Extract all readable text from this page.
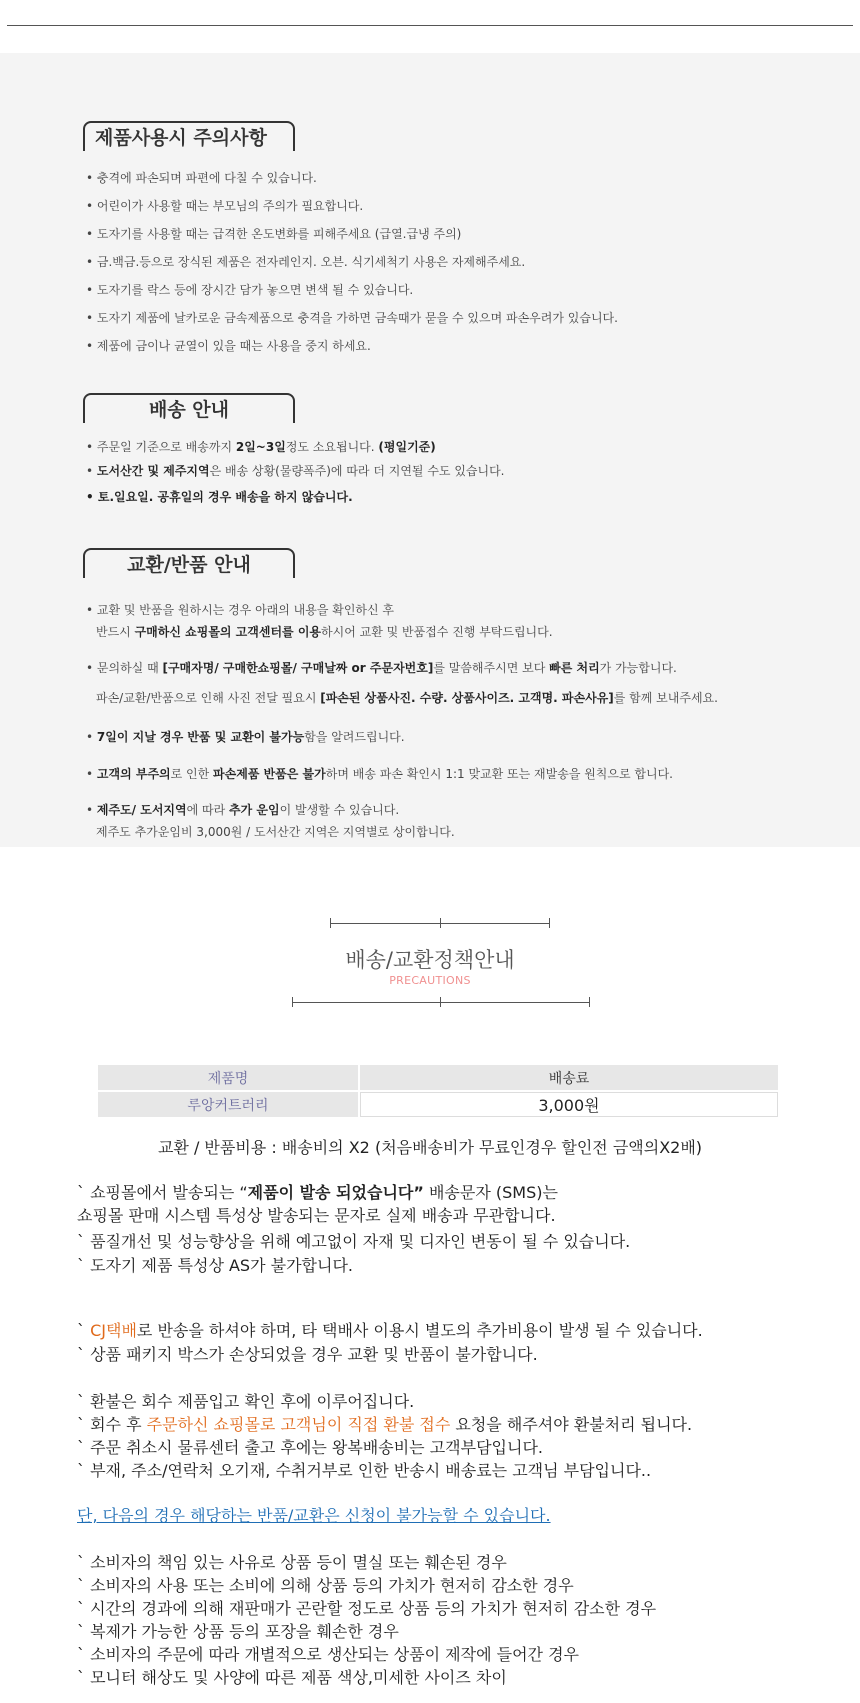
제품사용시 주의사항
• 충격에 파손되며 파편에 다칠 수 있습니다.
• 어린이가 사용할 때는 부모님의 주의가 필요합니다.
• 도자기를 사용할 때는 급격한 온도변화를 피해주세요 (급열.급냉 주의)
• 금.백금.등으로 장식된 제품은 전자레인지. 오븐. 식기세척기 사용은 자제해주세요.
• 도자기를 락스 등에 장시간 담가 놓으면 변색 될 수 있습니다.
• 도자기 제품에 날카로운 금속제품으로 충격을 가하면 금속때가 묻을 수 있으며 파손우려가 있습니다.
• 제품에 금이나 균열이 있을 때는 사용을 중지 하세요.
배송 안내
• 주문일 기준으로 배송까지 2일~3일정도 소요됩니다. (평일기준)
• 도서산간 및 제주지역은 배송 상황(물량폭주)에 따라 더 지연될 수도 있습니다.
• 토.일요일. 공휴일의 경우 배송을 하지 않습니다.
교환/반품 안내
• 교환 및 반품을 원하시는 경우 아래의 내용을 확인하신 후
반드시 구매하신 쇼핑몰의 고객센터를 이용하시어 교환 및 반품접수 진행 부탁드립니다.
• 문의하실 때 [구매자명/ 구매한쇼핑몰/ 구매날짜 or 주문자번호]를 말씀해주시면 보다 빠른 처리가 가능합니다.
파손/교환/반품으로 인해 사진 전달 필요시 [파손된 상품사진. 수량. 상품사이즈. 고객명. 파손사유]를 함께 보내주세요.
• 7일이 지날 경우 반품 및 교환이 불가능함을 알려드립니다.
• 고객의 부주의로 인한 파손제품 반품은 불가하며 배송 파손 확인시 1:1 맞교환 또는 재발송을 원칙으로 합니다.
• 제주도/ 도서지역에 따라 추가 운임이 발생할 수 있습니다.
제주도 추가운임비 3,000원 / 도서산간 지역은 지역별로 상이합니다.
배송/교환정책안내
PRECAUTIONS
제품명	배송료
루앙커트러리	3,000원
교환 / 반품비용 : 배송비의 X2 (처음배송비가 무료인경우 할인전 금액의X2배)
` 쇼핑몰에서 발송되는 “제품이 발송 되었습니다” 배송문자 (SMS)는
쇼핑몰 판매 시스템 특성상 발송되는 문자로 실제 배송과 무관합니다.
` 품질개선 및 성능향상을 위해 예고없이 자재 및 디자인 변동이 될 수 있습니다.
` 도자기 제품 특성상 AS가 불가합니다.
` CJ택배로 반송을 하셔야 하며, 타 택배사 이용시 별도의 추가비용이 발생 될 수 있습니다.
` 상품 패키지 박스가 손상되었을 경우 교환 및 반품이 불가합니다.
` 환불은 회수 제품입고 확인 후에 이루어집니다.
` 회수 후 주문하신 쇼핑몰로 고객님이 직접 환불 접수 요청을 해주셔야 환불처리 됩니다.
` 주문 취소시 물류센터 출고 후에는 왕복배송비는 고객부담입니다.
` 부재, 주소/연락처 오기재, 수취거부로 인한 반송시 배송료는 고객님 부담입니다..
단, 다음의 경우 해당하는 반품/교환은 신청이 불가능할 수 있습니다.
` 소비자의 책임 있는 사유로 상품 등이 멸실 또는 훼손된 경우
` 소비자의 사용 또는 소비에 의해 상품 등의 가치가 현저히 감소한 경우
` 시간의 경과에 의해 재판매가 곤란할 정도로 상품 등의 가치가 현저히 감소한 경우
` 복제가 가능한 상품 등의 포장을 훼손한 경우
` 소비자의 주문에 따라 개별적으로 생산되는 상품이 제작에 들어간 경우
` 모니터 해상도 및 사양에 따른 제품 색상,미세한 사이즈 차이
